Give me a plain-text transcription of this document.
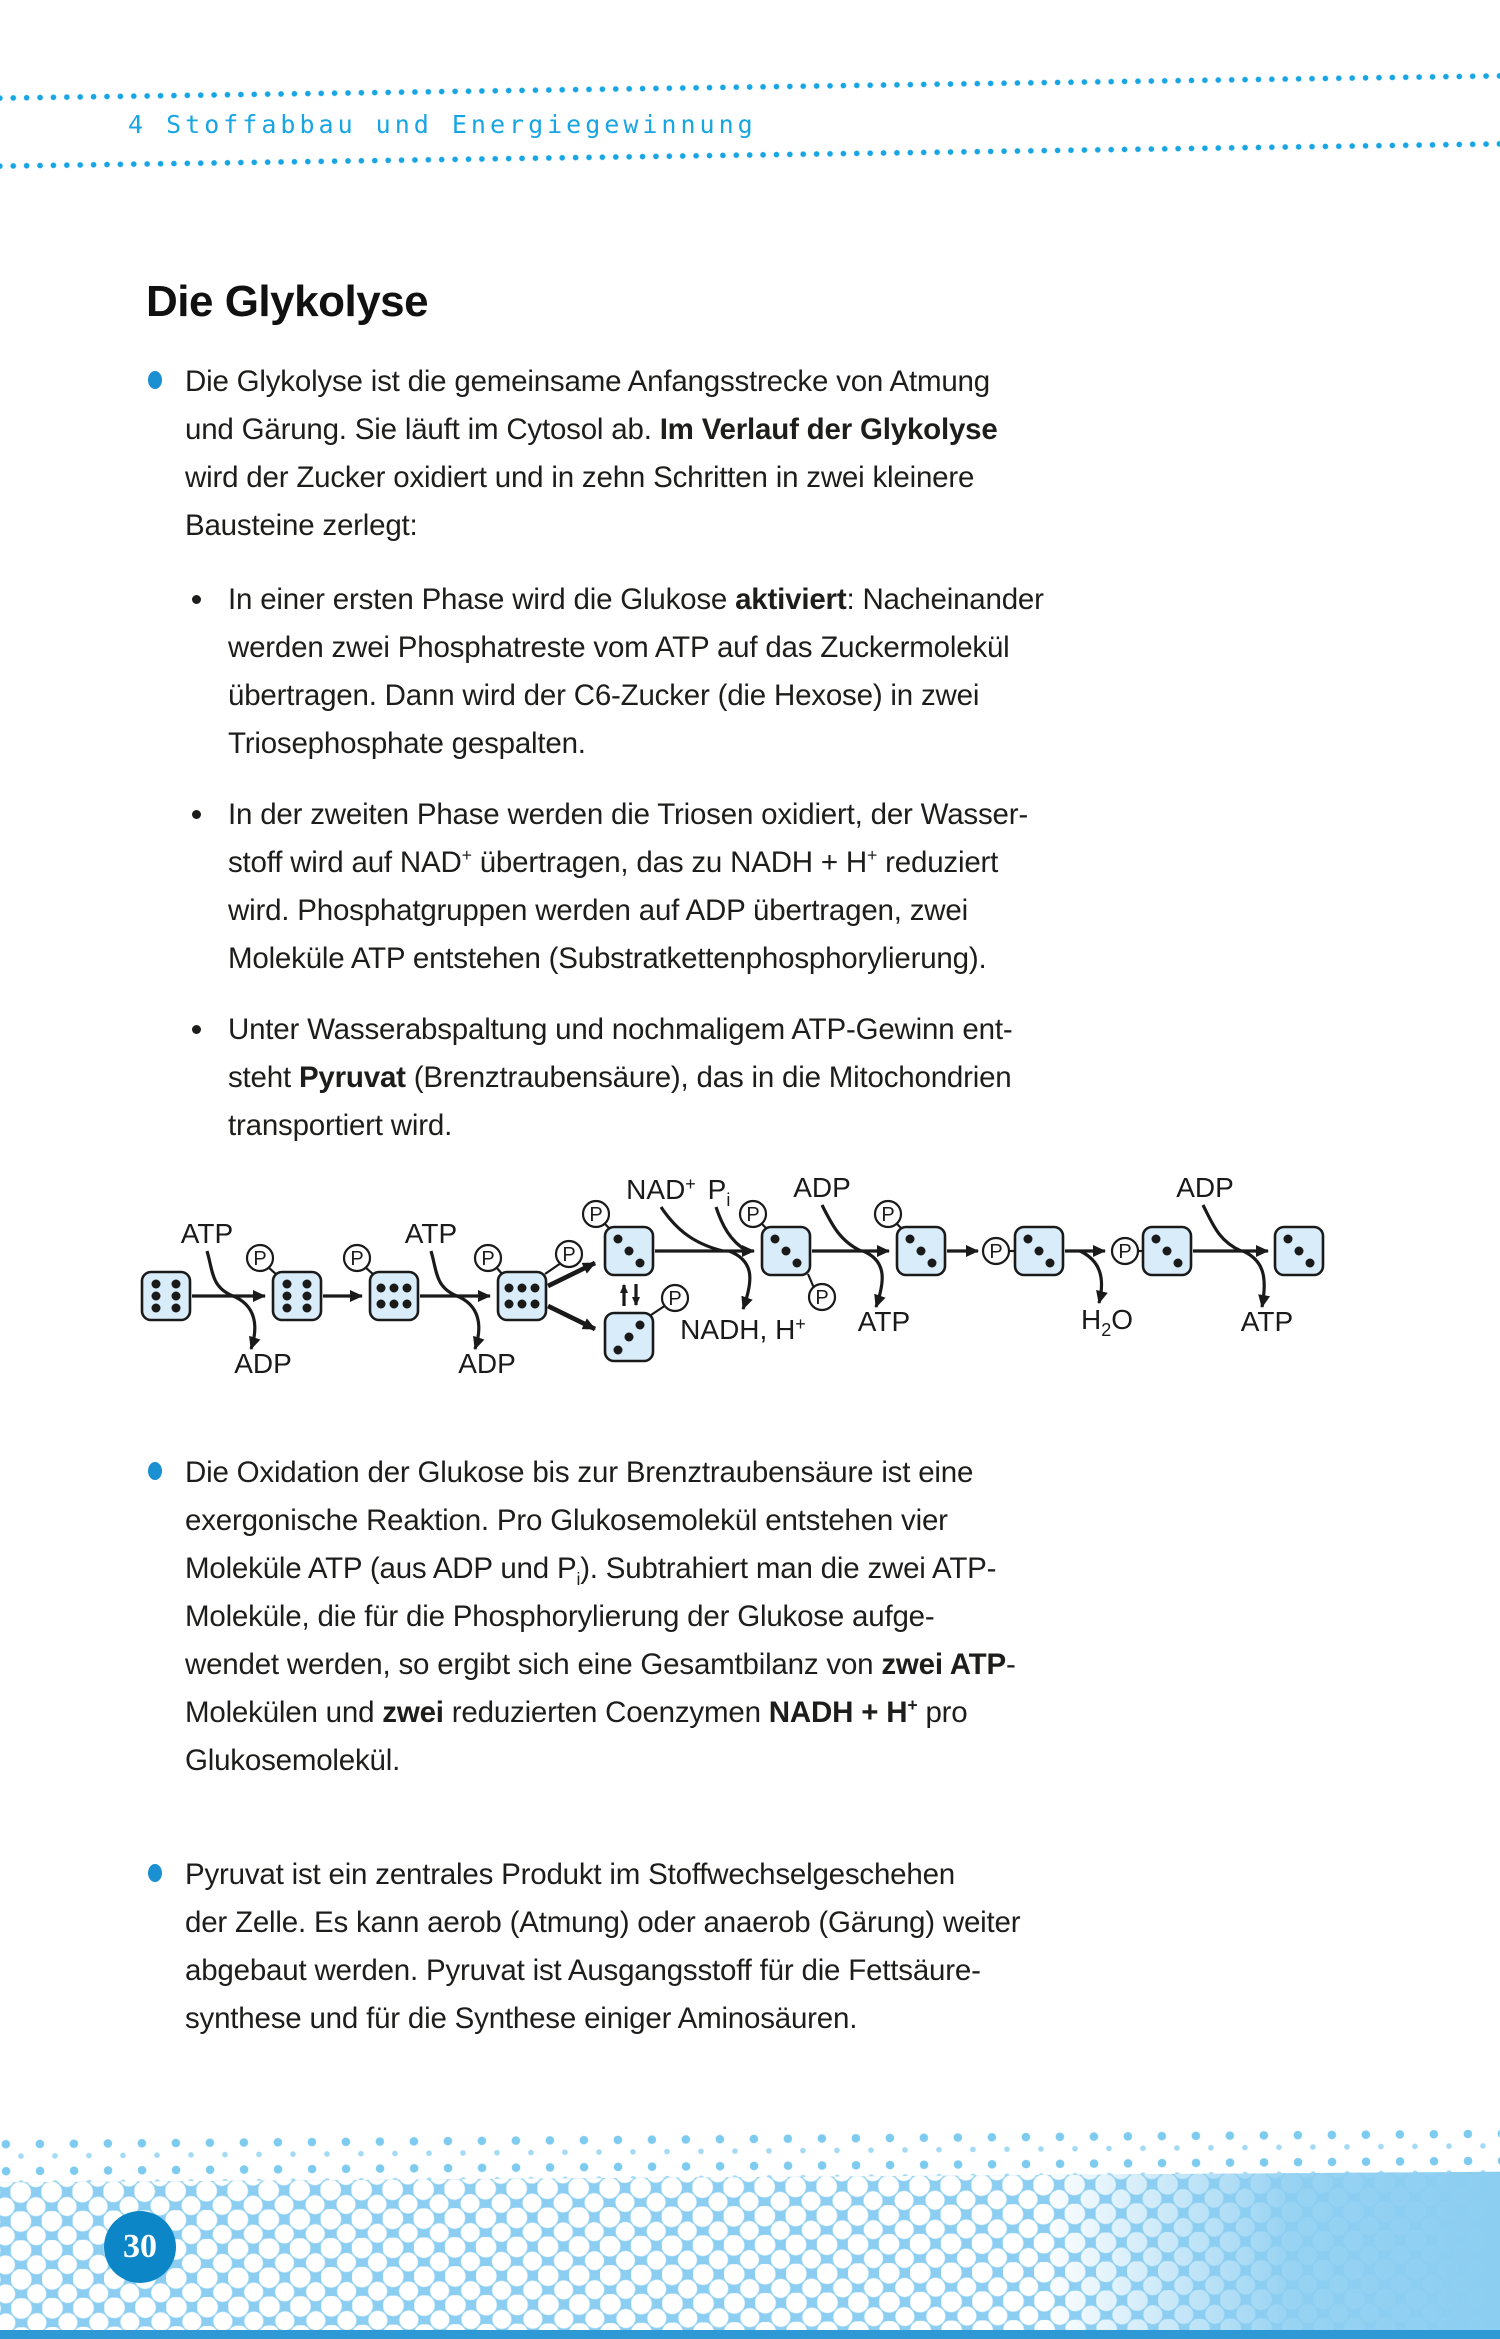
4 Stoffabbau und Energiegewinnung
Die Glykolyse

Die Glykolyse ist die gemeinsame Anfangsstrecke von Atmung
und Gärung. Sie läuft im Cytosol ab. Im Verlauf der Glykolyse
wird der Zucker oxidiert und in zehn Schritten in zwei kleinere
Bausteine zerlegt:

In einer ersten Phase wird die Glukose aktiviert: Nacheinander
werden zwei Phosphatreste vom ATP auf das Zuckermolekül
übertragen. Dann wird der C6-Zucker (die Hexose) in zwei
Triosephosphate gespalten.

In der zweiten Phase werden die Triosen oxidiert, der Wasser-
stoff wird auf NAD+ übertragen, das zu NADH + H+ reduziert
wird. Phosphatgruppen werden auf ADP übertragen, zwei
Moleküle ATP entstehen (Substratkettenphosphorylierung).

Unter Wasserabspaltung und nochmaligem ATP-Gewinn ent-
steht Pyruvat (Brenztraubensäure), das in die Mitochondrien
transportiert wird.

P	P	P	P
P
P
P
P
P
P	P
ATP
ADP
ATP
ADP
NAD+ $P_i$ ADP
NADH, H+ ATP	$H_2O$
ADP
ATP

Die Oxidation der Glukose bis zur Brenztraubensäure ist eine
exergonische Reaktion. Pro Glukosemolekül entstehen vier
Moleküle ATP (aus ADP und $P_i$). Subtrahiert man die zwei ATP-
Moleküle, die für die Phosphorylierung der Glukose aufge-
wendet werden, so ergibt sich eine Gesamtbilanz von zwei ATP-
Molekülen und zwei reduzierten Coenzymen NADH + H+ pro
Glukosemolekül.

Pyruvat ist ein zentrales Produkt im Stoffwechselgeschehen
der Zelle. Es kann aerob (Atmung) oder anaerob (Gärung) weiter
abgebaut werden. Pyruvat ist Ausgangsstoff für die Fettsäure-
synthese und für die Synthese einiger Aminosäuren.

30
